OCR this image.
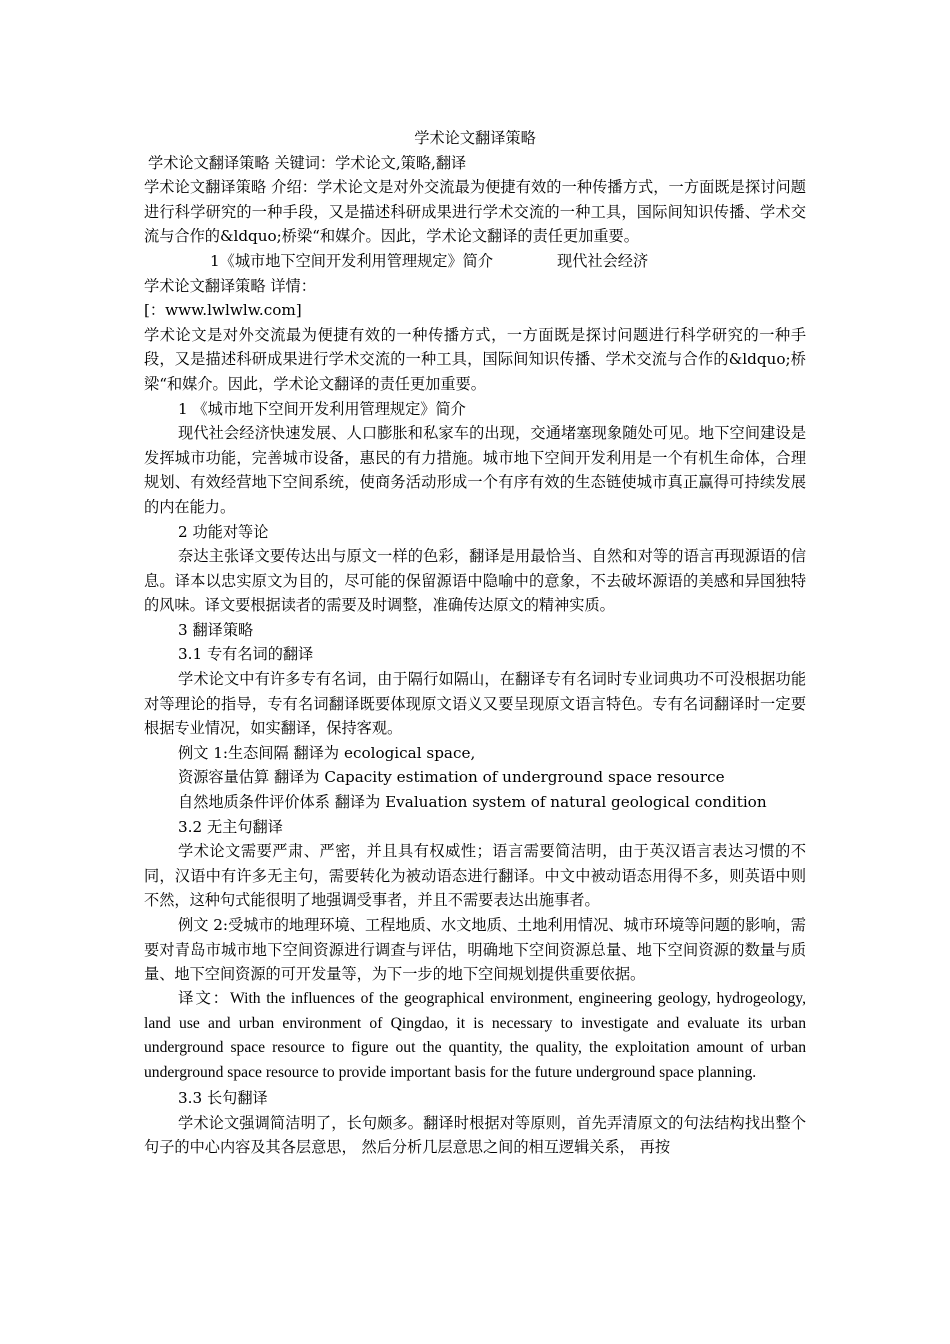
学术论文翻译策略

学术论文翻译策略 关键词：学术论文,策略,翻译

学术论文翻译策略 介绍：学术论文是对外交流最为便捷有效的一种传播方式，一方面既是探讨问题进行科学研究的一种手段，又是描述科研成果进行学术交流的一种工具，国际间知识传播、学术交流与合作的&ldquo;桥梁“和媒介。因此，学术论文翻译的责任更加重要。

1《城市地下空间开发利用管理规定》简介	现代社会经济

学术论文翻译策略 详情：

[：www.lwlwlw.com]

学术论文是对外交流最为便捷有效的一种传播方式，一方面既是探讨问题进行科学研究的一种手段，又是描述科研成果进行学术交流的一种工具，国际间知识传播、学术交流与合作的&ldquo;桥梁“和媒介。因此，学术论文翻译的责任更加重要。

1 《城市地下空间开发利用管理规定》简介

现代社会经济快速发展、人口膨胀和私家车的出现，交通堵塞现象随处可见。地下空间建设是发挥城市功能，完善城市设备，惠民的有力措施。城市地下空间开发利用是一个有机生命体，合理规划、有效经营地下空间系统，使商务活动形成一个有序有效的生态链使城市真正赢得可持续发展的内在能力。

2 功能对等论

奈达主张译文要传达出与原文一样的色彩，翻译是用最恰当、自然和对等的语言再现源语的信息。译本以忠实原文为目的，尽可能的保留源语中隐喻中的意象，不去破坏源语的美感和异国独特的风味。译文要根据读者的需要及时调整，准确传达原文的精神实质。

3 翻译策略

3.1 专有名词的翻译

学术论文中有许多专有名词，由于隔行如隔山，在翻译专有名词时专业词典功不可没根据功能对等理论的指导，专有名词翻译既要体现原文语义又要呈现原文语言特色。专有名词翻译时一定要根据专业情况，如实翻译，保持客观。

例文 1:生态间隔 翻译为 ecological space,

资源容量估算 翻译为 Capacity estimation of underground space resource

自然地质条件评价体系 翻译为 Evaluation system of natural geological condition

3.2 无主句翻译

学术论文需要严肃、严密，并且具有权威性；语言需要简洁明，由于英汉语言表达习惯的不同，汉语中有许多无主句，需要转化为被动语态进行翻译。中文中被动语态用得不多，则英语中则不然，这种句式能很明了地强调受事者，并且不需要表达出施事者。

例文 2:受城市的地理环境、工程地质、水文地质、土地利用情况、城市环境等问题的影响，需要对青岛市城市地下空间资源进行调查与评估，明确地下空间资源总量、地下空间资源的数量与质量、地下空间资源的可开发量等，为下一步的地下空间规划提供重要依据。

译文：With the influences of the geographical environment, engineering geology, hydrogeology, land use and urban environment of Qingdao, it is necessary to investigate and evaluate its urban underground space resource to figure out the quantity, the quality, the exploitation amount of urban underground space resource to provide important basis for the future underground space planning.

3.3 长句翻译

学术论文强调简洁明了，长句颇多。翻译时根据对等原则，首先弄清原文的句法结构找出整个句子的中心内容及其各层意思， 然后分析几层意思之间的相互逻辑关系， 再按
